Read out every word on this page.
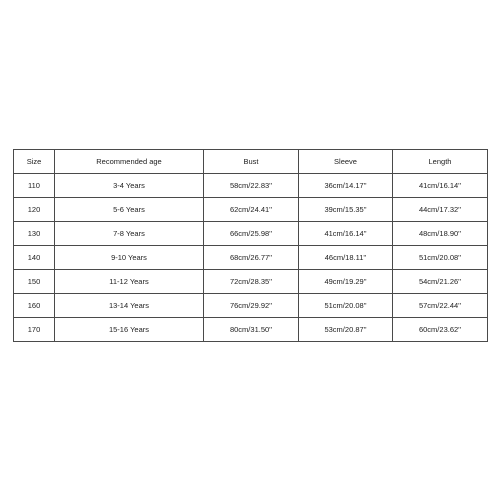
Size	Recommended age	Bust	Sleeve	Length
110	3-4 Years	58cm/22.83''	36cm/14.17''	41cm/16.14''
120	5-6 Years	62cm/24.41''	39cm/15.35''	44cm/17.32''
130	7-8 Years	66cm/25.98''	41cm/16.14''	48cm/18.90''
140	9-10 Years	68cm/26.77''	46cm/18.11''	51cm/20.08''
150	11-12 Years	72cm/28.35''	49cm/19.29''	54cm/21.26''
160	13-14 Years	76cm/29.92''	51cm/20.08''	57cm/22.44''
170	15-16 Years	80cm/31.50''	53cm/20.87''	60cm/23.62''
